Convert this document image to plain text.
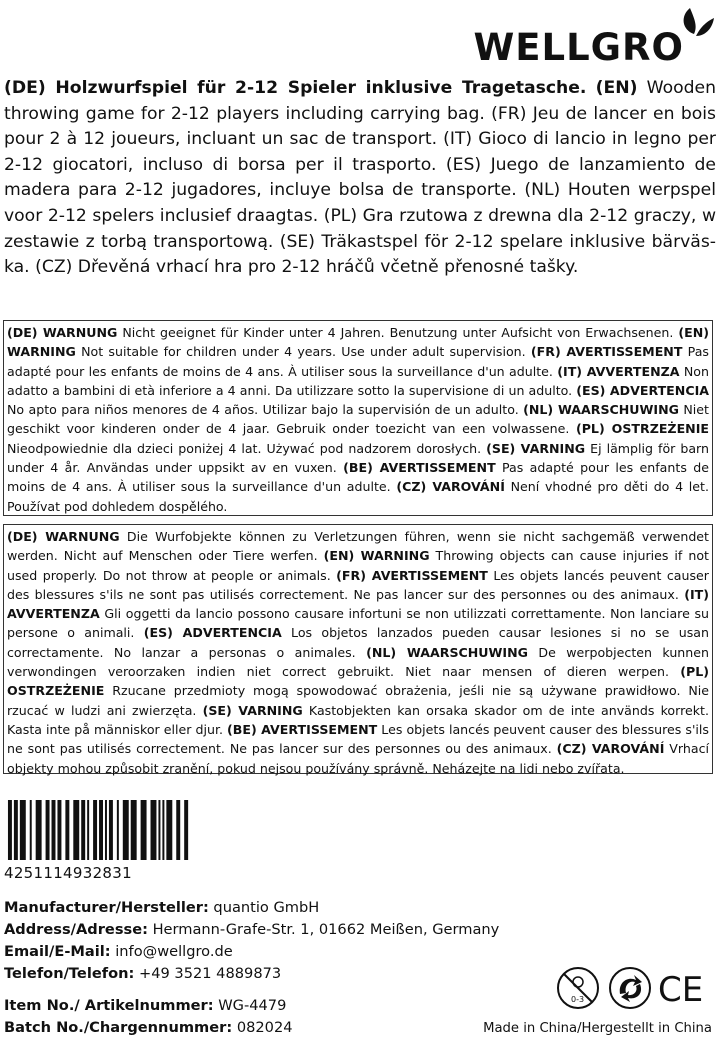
WELLGRO
(DE) Holzwurfspiel für 2-12 Spieler inklusive Tragetasche. (EN) Wooden throwing game for 2-12 players including carrying bag. (FR) Jeu de lancer en bois pour 2 à 12 joueurs, incluant un sac de transport. (IT) Gioco di lancio in legno per 2-12 giocatori, incluso di borsa per il trasporto. (ES) Juego de lanzamiento de madera para 2-12 jugadores, incluye bolsa de transporte. (NL) Houten werpspel voor 2-12 spelers inclusief draagtas. (PL) Gra rzutowa z drewna dla 2-12 graczy, w zestawie z torbą transportową. (SE) Träkastspel för 2-12 spelare inklusive bärväska. (CZ) Dřevěná vrhací hra pro 2-12 hráčů včetně přenosné tašky.
(DE) WARNUNG Nicht geeignet für Kinder unter 4 Jahren. Benutzung unter Aufsicht von Erwachsenen. (EN) WARNING Not suitable for children under 4 years. Use under adult supervision. (FR) AVERTISSEMENT Pas adapté pour les enfants de moins de 4 ans. À utiliser sous la surveillance d'un adulte. (IT) AVVERTENZA Non adatto a bambini di età inferiore a 4 anni. Da utilizzare sotto la supervisione di un adulto. (ES) ADVERTENCIA No apto para niños menores de 4 años. Utilizar bajo la supervisión de un adulto. (NL) WAARSCHUWING Niet geschikt voor kinderen onder de 4 jaar. Gebruik onder toezicht van een volwassene. (PL) OSTRZEŻENIE Nieodpowiednie dla dzieci poniżej 4 lat. Używać pod nadzorem dorosłych. (SE) VARNING Ej lämplig för barn under 4 år. Användas under uppsikt av en vuxen. (BE) AVERTISSEMENT Pas adapté pour les enfants de moins de 4 ans. À utiliser sous la surveillance d'un adulte. (CZ) VAROVÁNÍ Není vhodné pro děti do 4 let. Používat pod dohledem dospělého.
(DE) WARNUNG Die Wurfobjekte können zu Verletzungen führen, wenn sie nicht sachgemäß verwendet werden. Nicht auf Menschen oder Tiere werfen. (EN) WARNING Throwing objects can cause injuries if not used properly. Do not throw at people or animals. (FR) AVERTISSEMENT Les objets lancés peuvent causer des blessures s'ils ne sont pas utilisés correctement. Ne pas lancer sur des personnes ou des animaux. (IT) AVVERTENZA Gli oggetti da lancio possono causare infortuni se non utilizzati correttamente. Non lanciare su persone o animali. (ES) ADVERTENCIA Los objetos lanzados pueden causar lesiones si no se usan correctamente. No lanzar a personas o animales. (NL) WAARSCHUWING De werpobjecten kunnen verwondingen veroorzaken indien niet correct gebruikt. Niet naar mensen of dieren werpen. (PL) OSTRZEŻENIE Rzucane przedmioty mogą spowodować obrażenia, jeśli nie są używane prawidłowo. Nie rzucać w ludzi ani zwierzęta. (SE) VARNING Kastobjekten kan orsaka skador om de inte används korrekt. Kasta inte på människor eller djur. (BE) AVERTISSEMENT Les objets lancés peuvent causer des blessures s'ils ne sont pas utilisés correctement. Ne pas lancer sur des personnes ou des animaux. (CZ) VAROVÁNÍ Vrhací objekty mohou způsobit zranění, pokud nejsou používány správně. Neházejte na lidi nebo zvířata.
4251114932831
Manufacturer/Hersteller: quantio GmbH
Address/Adresse: Hermann-Grafe-Str. 1, 01662 Meißen, Germany
Email/E-Mail: info@wellgro.de
Telefon/Telefon: +49 3521 4889873
Item No./ Artikelnummer: WG-4479
Batch No./Chargennummer: 082024
0-3 CE
Made in China/Hergestellt in China
